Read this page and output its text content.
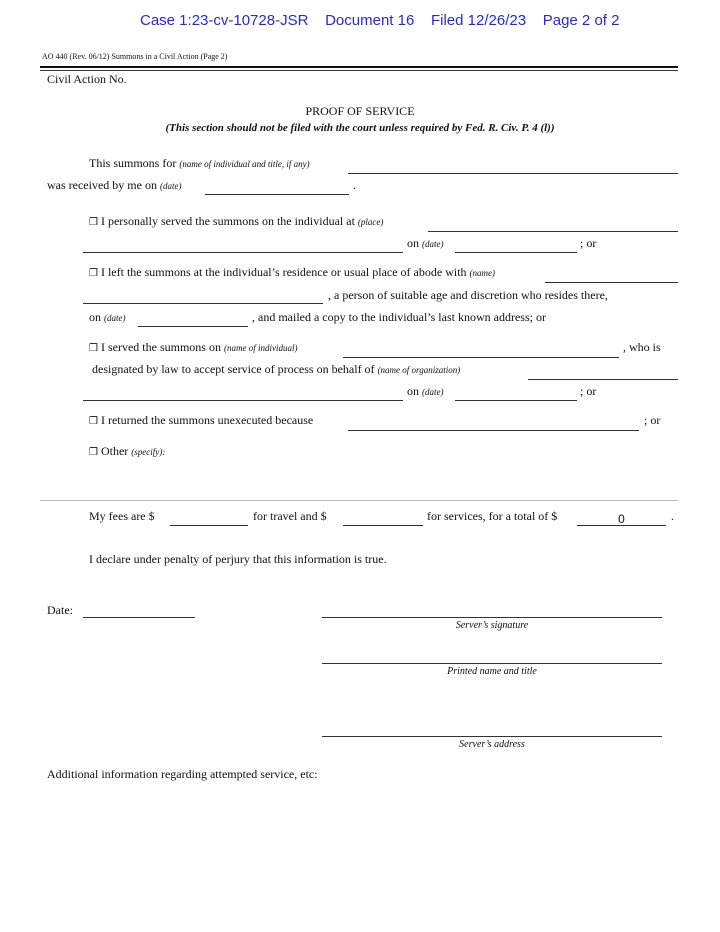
Case 1:23-cv-10728-JSR Document 16 Filed 12/26/23 Page 2 of 2
AO 440 (Rev. 06/12) Summons in a Civil Action (Page 2)
Civil Action No.
PROOF OF SERVICE
(This section should not be filed with the court unless required by Fed. R. Civ. P. 4 (l))
This summons for (name of individual and title, if any)
was received by me on (date)	.
❒ I personally served the summons on the individual at (place)
on (date)	; or
❒ I left the summons at the individual’s residence or usual place of abode with (name)
, a person of suitable age and discretion who resides there,
on (date)	, and mailed a copy to the individual’s last known address; or
❒ I served the summons on (name of individual)	, who is
designated by law to accept service of process on behalf of (name of organization)
on (date)	; or
❒ I returned the summons unexecuted because	; or
❒ Other (specify):
My fees are $	for travel and $	for services, for a total of $	0	.
I declare under penalty of perjury that this information is true.
Date:
Server’s signature
Printed name and title
Server’s address
Additional information regarding attempted service, etc:
